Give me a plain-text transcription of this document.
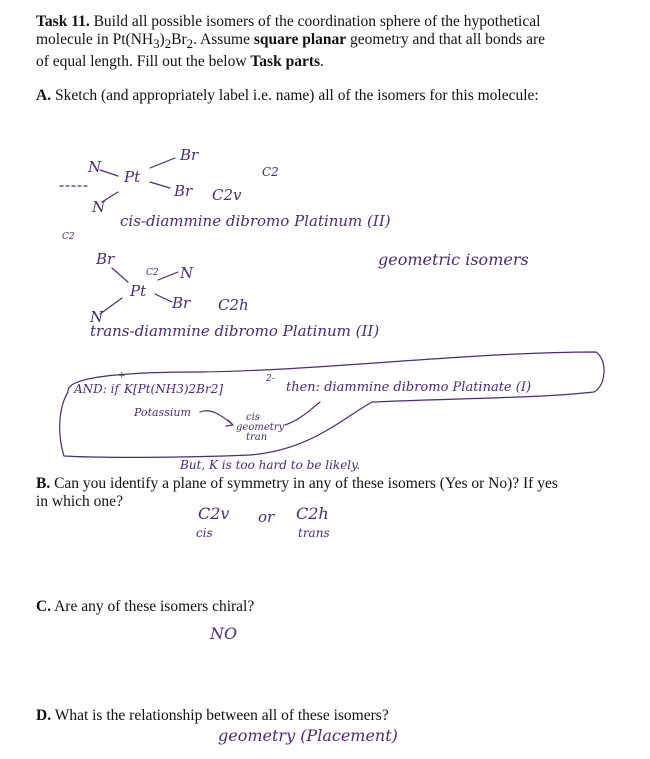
Task 11. Build all possible isomers of the coordination sphere of the hypothetical
molecule in $Pt(NH_3)_2Br_2$. Assume square planar geometry and that all bonds are
of equal length. Fill out the below Task parts.
A. Sketch (and appropriately label i.e. name) all of the isomers for this molecule:
N
Pt
Br
N
Br C2v
C2
cis-diammine dibromo Platinum (II)
C2
Br
C2
Pt
N
N
Br C2h
geometric isomers
trans-diammine dibromo Platinum (II)
AND: if
+
K[Pt(NH3)2Br2]
2-
then: diammine dibromo Platinate (I)
Potassium	cis
geometry
tran
But, K is too hard to be likely.
B. Can you identify a plane of symmetry in any of these isomers (Yes or No)? If yes
in which one?
C2v or C2h
cis	trans
C. Are any of these isomers chiral?
NO
D. What is the relationship between all of these isomers?
geometry (Placement)
